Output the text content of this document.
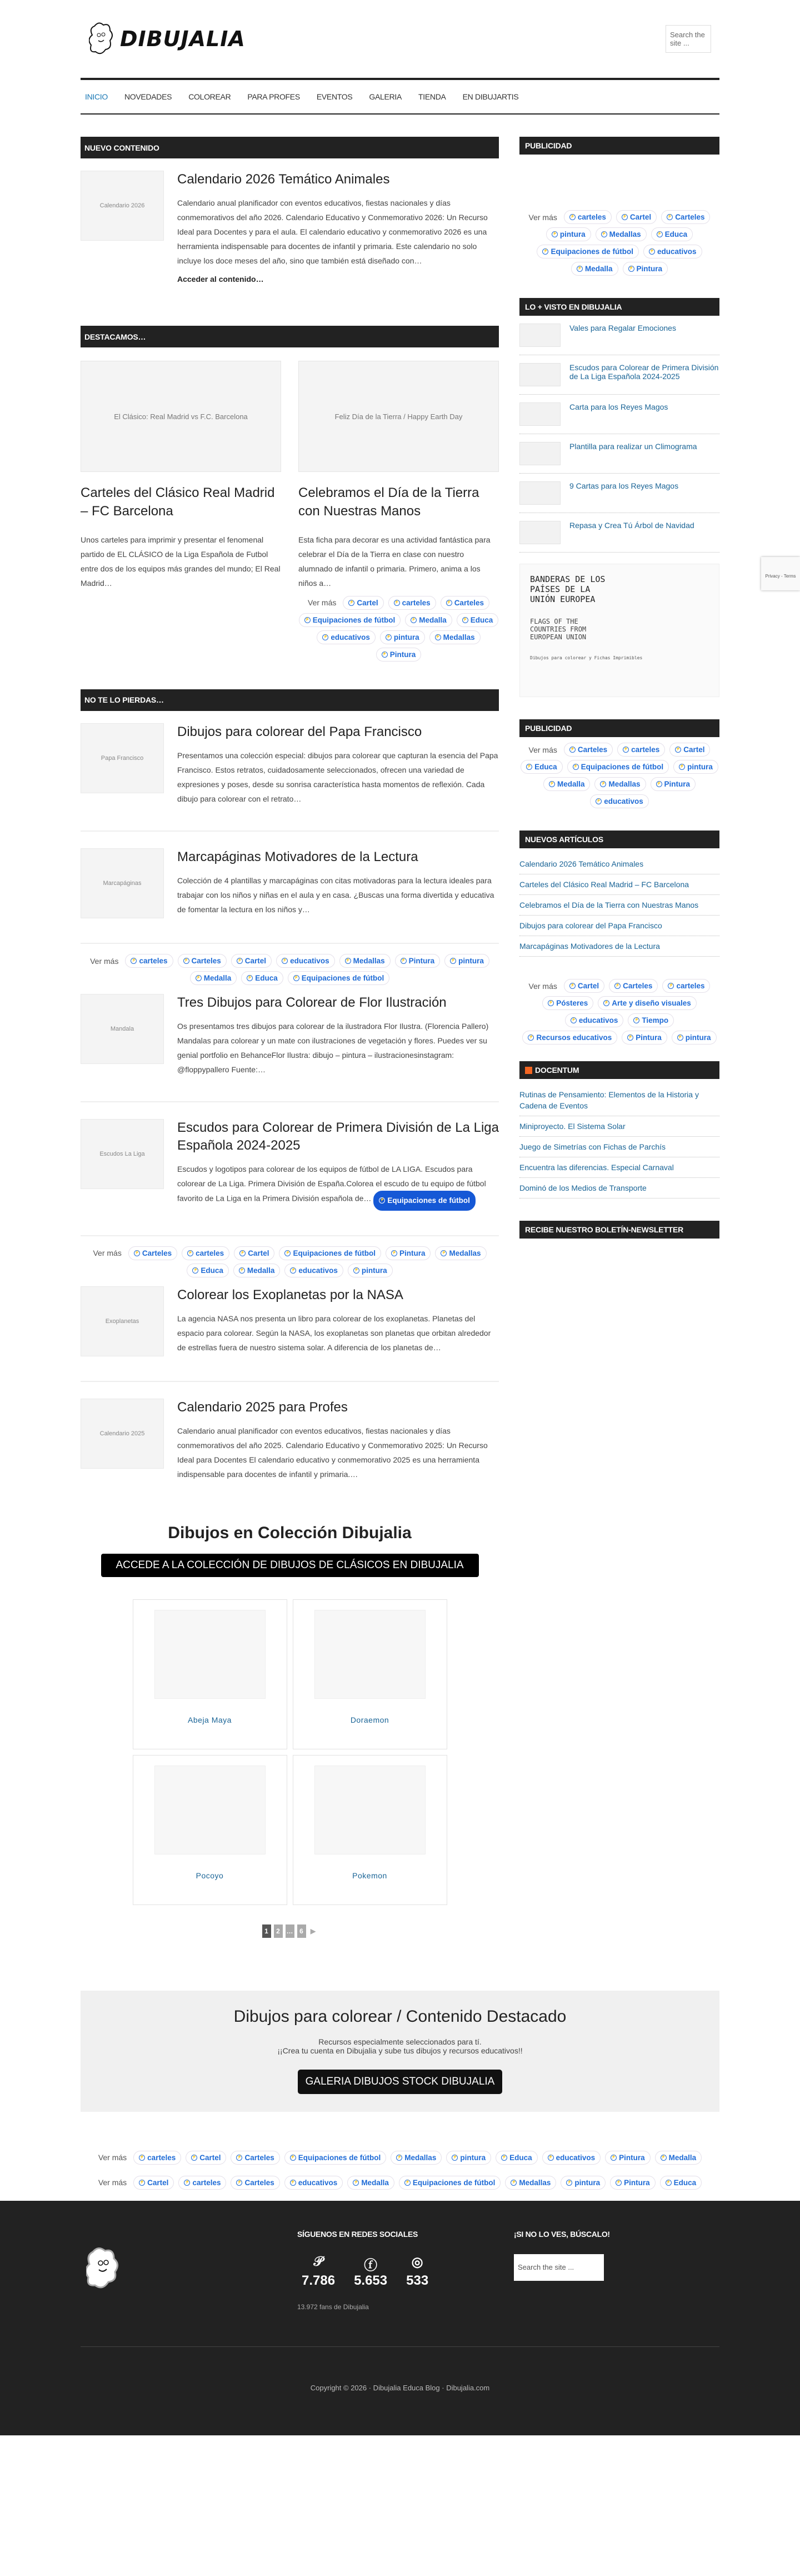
DIBUJALIA	Search the site ...
INICIO NOVEDADES COLOREAR PARA PROFES EVENTOS GALERIA TIENDA EN DIBUJARTIS
NUEVO CONTENIDO
Calendario 2026
Calendario 2026 Temático Animales

Calendario anual planificador con eventos educativos, fiestas nacionales y días conmemorativos del año 2026. Calendario Educativo y Conmemorativo 2026: Un Recurso Ideal para Docentes y para el aula. El calendario educativo y conmemorativo 2026 es una herramienta indispensable para docentes de infantil y primaria. Este calendario no solo incluye los doce meses del año, sino que también está diseñado con…

Acceder al contenido…
DESTACAMOS…
El Clásico: Real Madrid vs F.C. Barcelona
Carteles del Clásico Real Madrid – FC Barcelona

Unos carteles para imprimir y presentar el fenomenal partido de EL CLÁSICO de la Liga Española de Futbol entre dos de los equipos más grandes del mundo; El Real Madrid…

Feliz Día de la Tierra / Happy Earth Day
Celebramos el Día de la Tierra con Nuestras Manos

Esta ficha para decorar es una actividad fantástica para celebrar el Día de la Tierra en clase con nuestro alumnado de infantil o primaria. Primero, anima a los niños a…

Ver más	⚡ Cartel	⚡ carteles	⚡ Carteles
⚡ Equipaciones de fútbol	⚡ Medalla	⚡ Educa
⚡ educativos	⚡ pintura	⚡ Medallas
⚡ Pintura
NO TE LO PIERDAS…
Papa Francisco
Dibujos para colorear del Papa Francisco

Presentamos una colección especial: dibujos para colorear que capturan la esencia del Papa Francisco. Estos retratos, cuidadosamente seleccionados, ofrecen una variedad de expresiones y poses, desde su sonrisa característica hasta momentos de reflexión. Cada dibujo para colorear con el retrato…

Marcapáginas
Marcapáginas Motivadores de la Lectura

Colección de 4 plantillas y marcapáginas con citas motivadoras para la lectura ideales para trabajar con los niños y niñas en el aula y en casa. ¿Buscas una forma divertida y educativa de fomentar la lectura en los niños y…

Ver más	⚡ carteles	⚡ Carteles	⚡ Cartel	⚡ educativos	⚡ Medallas	⚡ Pintura	⚡ pintura
⚡ Medalla	⚡ Educa	⚡ Equipaciones de fútbol
Mandala
Tres Dibujos para Colorear de Flor Ilustración

Os presentamos tres dibujos para colorear de la ilustradora Flor Ilustra. (Florencia Pallero) Mandalas para colorear y un mate con ilustraciones de vegetación y flores. Puedes ver su genial portfolio en BehanceFlor Ilustra: dibujo – pintura – ilustracionesinstagram: @floppypallero Fuente:…

Escudos La Liga
Escudos para Colorear de Primera División de La Liga Española 2024-2025

Escudos y logotipos para colorear de los equipos de fútbol de LA LIGA. Escudos para colorear de La Liga. Primera División de España.Colorea el escudo de tu equipo de fútbol favorito de La Liga en la Primera División española de… ⚡ Equipaciones de fútbol

Ver más	⚡ Carteles	⚡ carteles	⚡ Cartel	⚡ Equipaciones de fútbol	⚡ Pintura	⚡ Medallas
⚡ Educa	⚡ Medalla	⚡ educativos	⚡ pintura
Exoplanetas
Colorear los Exoplanetas por la NASA

La agencia NASA nos presenta un libro para colorear de los exoplanetas. Planetas del espacio para colorear. Según la NASA, los exoplanetas son planetas que orbitan alrededor de estrellas fuera de nuestro sistema solar. A diferencia de los planetas de…

Calendario 2025
Calendario 2025 para Profes

Calendario anual planificador con eventos educativos, fiestas nacionales y días conmemorativos del año 2025. Calendario Educativo y Conmemorativo 2025: Un Recurso Ideal para Docentes El calendario educativo y conmemorativo 2025 es una herramienta indispensable para docentes de infantil y primaria.…

Dibujos en Colección Dibujalia
ACCEDE A LA COLECCIÓN DE DIBUJOS DE CLÁSICOS EN DIBUJALIA
Abeja Maya	Doraemon
Pocoyo	Pokemon
1	2 … 6	▶
PUBLICIDAD
Ver más	⚡ carteles	⚡ Cartel	⚡ Carteles
⚡ pintura	⚡ Medallas	⚡ Educa
⚡ Equipaciones de fútbol	⚡ educativos
⚡ Medalla	⚡ Pintura
LO + VISTO EN DIBUJALIA
Vales para Regalar Emociones
Escudos para Colorear de Primera División de La Liga Española 2024-2025
Carta para los Reyes Magos
Plantilla para realizar un Climograma
9 Cartas para los Reyes Magos
Repasa y Crea Tú Árbol de Navidad
BANDERAS DE LOS PAÍSES DE LA UNIÓN EUROPEA
FLAGS OF THE COUNTRIES FROM EUROPEAN UNION
Dibujos para colorear y Fichas Imprimibles
PUBLICIDAD
Ver más	⚡ Carteles	⚡ carteles	⚡ Cartel
⚡ Educa	⚡ Equipaciones de fútbol	⚡ pintura
⚡ Medalla	⚡ Medallas	⚡ Pintura
⚡ educativos
NUEVOS ARTÍCULOS
Calendario 2026 Temático Animales
Carteles del Clásico Real Madrid – FC Barcelona
Celebramos el Día de la Tierra con Nuestras Manos
Dibujos para colorear del Papa Francisco
Marcapáginas Motivadores de la Lectura
Ver más	⚡ Cartel	⚡ Carteles	⚡ carteles
⚡ Pósteres	⚡ Arte y diseño visuales
⚡ educativos	⚡ Tiempo
⚡ Recursos educativos	⚡ Pintura	⚡ pintura
DOCENTUM
Rutinas de Pensamiento: Elementos de la Historia y Cadena de Eventos
Miniproyecto. El Sistema Solar
Juego de Simetrías con Fichas de Parchís
Encuentra las diferencias. Especial Carnaval
Dominó de los Medios de Transporte
RECIBE NUESTRO BOLETÍN-NEWSLETTER
Dibujos para colorear / Contenido Destacado

Recursos especialmente seleccionados para tí.

¡¡Crea tu cuenta en Dibujalia y sube tus dibujos y recursos educativos!!

GALERIA DIBUJOS STOCK DIBUJALIA
Ver más	⚡ carteles	⚡ Cartel	⚡ Carteles	⚡ Equipaciones de fútbol	⚡ Medallas	⚡ pintura	⚡ Educa	⚡ educativos	⚡ Pintura	⚡ Medalla
Ver más	⚡ Cartel	⚡ carteles	⚡ Carteles	⚡ educativos	⚡ Medalla	⚡ Equipaciones de fútbol	⚡ Medallas	⚡ pintura	⚡ Pintura	⚡ Educa
SÍGUENOS EN REDES SOCIALES
𝒫
7.786
ⓕ
5.653
◎
533
13.972 fans de Dibujalia
¡SI NO LO VES, BÚSCALO!
Search the site ...
Copyright © 2026 · Dibujalia Educa Blog · Dibujalia.com
Privacy - Terms
